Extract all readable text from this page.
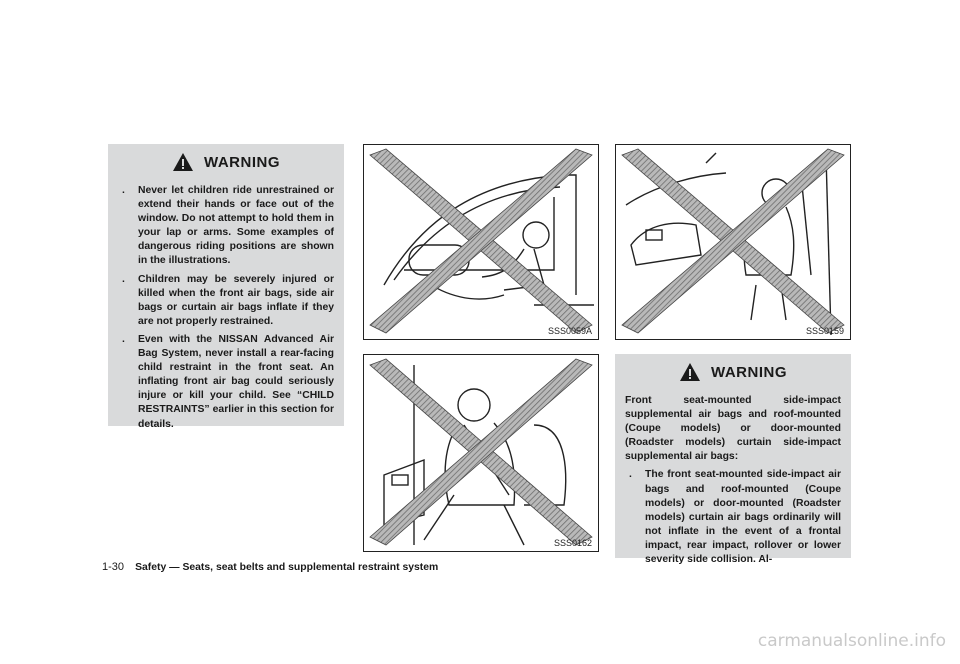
WARNING
. Never let children ride unrestrained or extend their hands or face out of the window. Do not attempt to hold them in your lap or arms. Some examples of dangerous riding positions are shown in the illustrations.
. Children may be severely injured or killed when the front air bags, side air bags or curtain air bags inflate if they are not properly restrained.
. Even with the NISSAN Advanced Air Bag System, never install a rear-facing child restraint in the front seat. An inflating front air bag could seriously injure or kill your child. See “CHILD RESTRAINTS” earlier in this section for details.
SSS0059A	SSS0159
SSS0162
WARNING

Front seat-mounted side-impact supplemental air bags and roof-mounted (Coupe models) or door-mounted (Roadster models) curtain side-impact supplemental air bags:

. The front seat-mounted side-impact air bags and roof-mounted (Coupe models) or door-mounted (Roadster models) curtain air bags ordinarily will not inflate in the event of a frontal impact, rear impact, rollover or lower severity side collision. Al-
1-30 Safety — Seats, seat belts and supplemental restraint system
carmanualsonline.info
